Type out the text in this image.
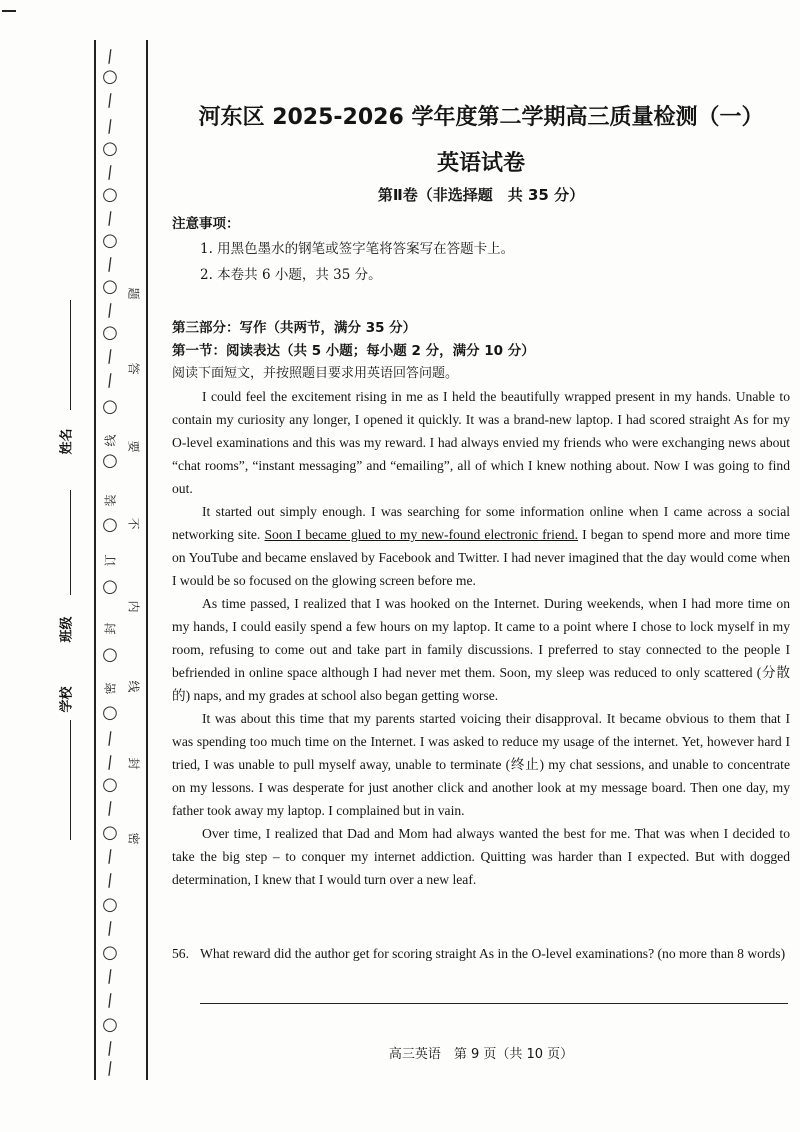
/
○
/
/
○
/
○
/
○
/
○
/
○
/
/
○
○
○
○
○
○
/
/
○
/
○
/
/
○
/
○
/
/
○
/
/
装
订
线
密
封
题
答
要
不
内
线
封
密
姓名
班级
学校
河东区 2025-2026 学年度第二学期高三质量检测（一）
英语试卷
第Ⅱ卷（非选择题　共 35 分）
注意事项：
1. 用黑色墨水的钢笔或签字笔将答案写在答题卡上。
2. 本卷共 6 小题，共 35 分。
第三部分：写作（共两节，满分 35 分）
第一节：阅读表达（共 5 小题；每小题 2 分，满分 10 分）
阅读下面短文，并按照题目要求用英语回答问题。

I could feel the excitement rising in me as I held the beautifully wrapped present in my hands. Unable to contain my curiosity any longer, I opened it quickly. It was a brand-new laptop. I had scored straight As for my O-level examinations and this was my reward. I had always envied my friends who were exchanging news about “chat rooms”, “instant messaging” and “emailing”, all of which I knew nothing about. Now I was going to find out.

It started out simply enough. I was searching for some information online when I came across a social networking site. Soon I became glued to my new-found electronic friend. I began to spend more and more time on YouTube and became enslaved by Facebook and Twitter. I had never imagined that the day would come when I would be so focused on the glowing screen before me.

As time passed, I realized that I was hooked on the Internet. During weekends, when I had more time on my hands, I could easily spend a few hours on my laptop. It came to a point where I chose to lock myself in my room, refusing to come out and take part in family discussions. I preferred to stay connected to the people I befriended in online space although I had never met them. Soon, my sleep was reduced to only scattered (分散的) naps, and my grades at school also began getting worse.

It was about this time that my parents started voicing their disapproval. It became obvious to them that I was spending too much time on the Internet. I was asked to reduce my usage of the internet. Yet, however hard I tried, I was unable to pull myself away, unable to terminate (终止) my chat sessions, and unable to concentrate on my lessons. I was desperate for just another click and another look at my message board. Then one day, my father took away my laptop. I complained but in vain.

Over time, I realized that Dad and Mom had always wanted the best for me. That was when I decided to take the big step – to conquer my internet addiction. Quitting was harder than I expected. But with dogged determination, I knew that I would turn over a new leaf.

56. What reward did the author get for scoring straight As in the O-level examinations? (no more than 8 words)
高三英语　第 9 页（共 10 页）
